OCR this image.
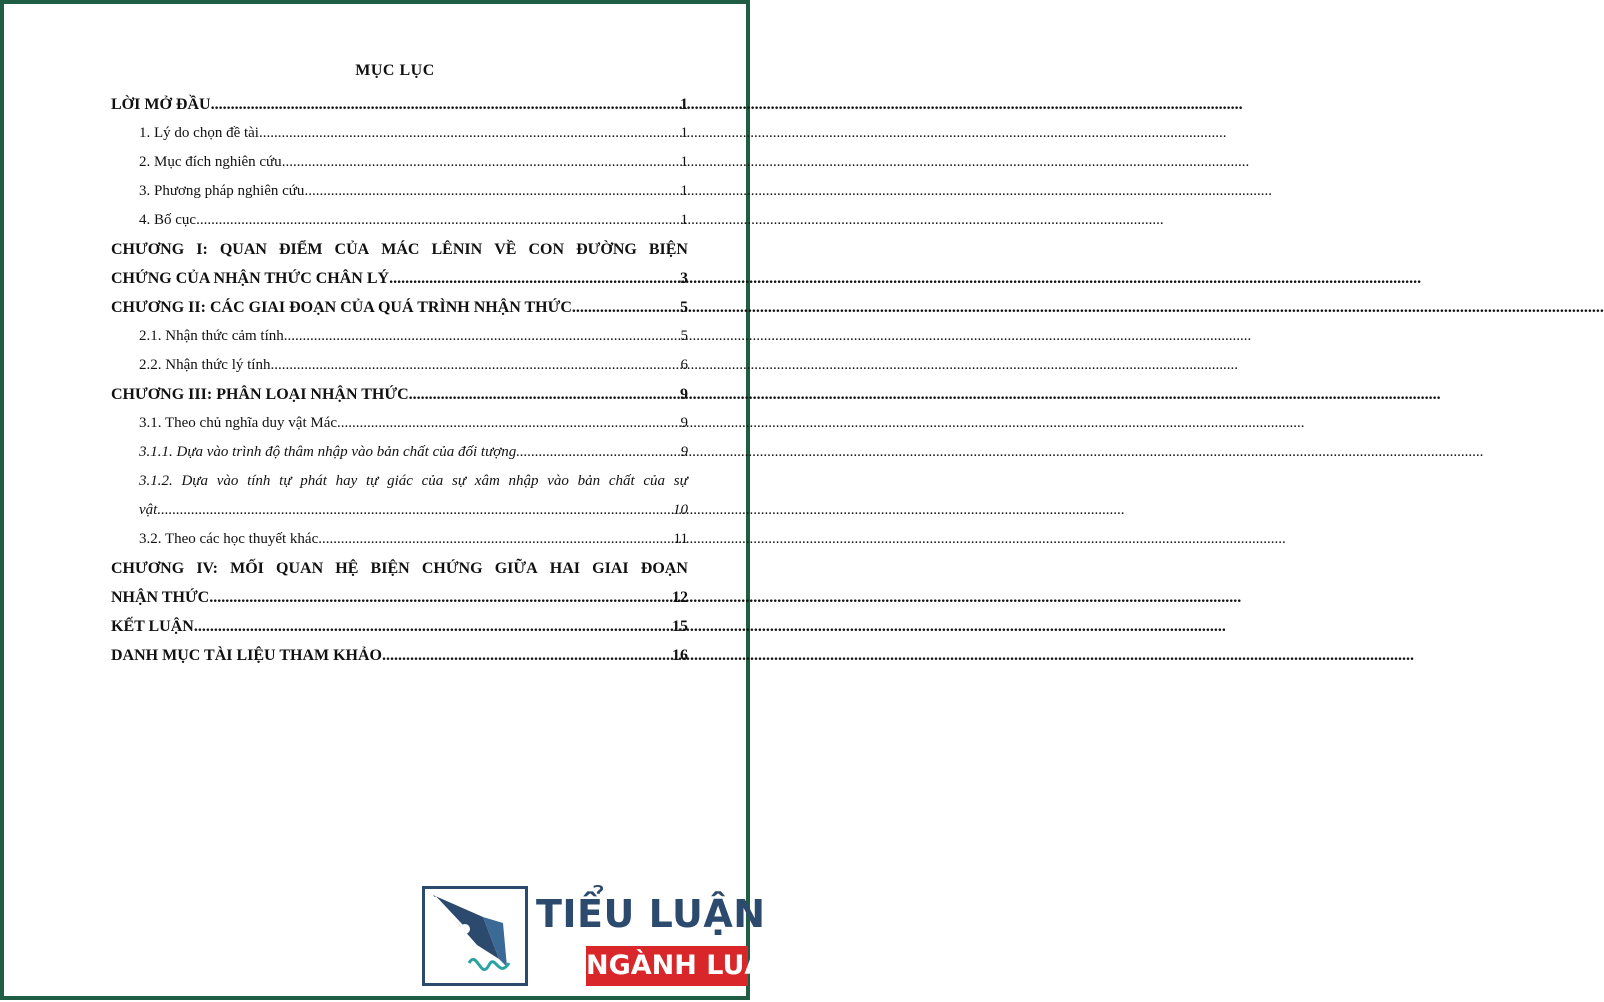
MỤC LỤC
LỜI MỞ ĐẦU .....	1
1. Lý do chọn đề tài .....	1
2. Mục đích nghiên cứu .....	1
3. Phương pháp nghiên cứu .....	1
4. Bố cục .....	1
CHƯƠNG I: QUAN ĐIỂM CỦA MÁC LÊNIN VỀ CON ĐƯỜNG BIỆN
CHỨNG CỦA NHẬN THỨC CHÂN LÝ .....	3
CHƯƠNG II: CÁC GIAI ĐOẠN CỦA QUÁ TRÌNH NHẬN THỨC .....	5
2.1. Nhận thức cảm tính .....	5
2.2. Nhận thức lý tính .....	6
CHƯƠNG III: PHÂN LOẠI NHẬN THỨC .....	9
3.1. Theo chủ nghĩa duy vật Mác .....	9
3.1.1. Dựa vào trình độ thâm nhập vào bản chất của đối tượng .....	9
3.1.2. Dựa vào tính tự phát hay tự giác của sự xâm nhập vào bản chất của sự
vật .....	10
3.2. Theo các học thuyết khác .....	11
CHƯƠNG IV: MỐI QUAN HỆ BIỆN CHỨNG GIỮA HAI GIAI ĐOẠN
NHẬN THỨC .....	12
KẾT LUẬN .....	15
DANH MỤC TÀI LIỆU THAM KHẢO .....	16
TIỂU LUẬN
NGÀNH LUẬT
